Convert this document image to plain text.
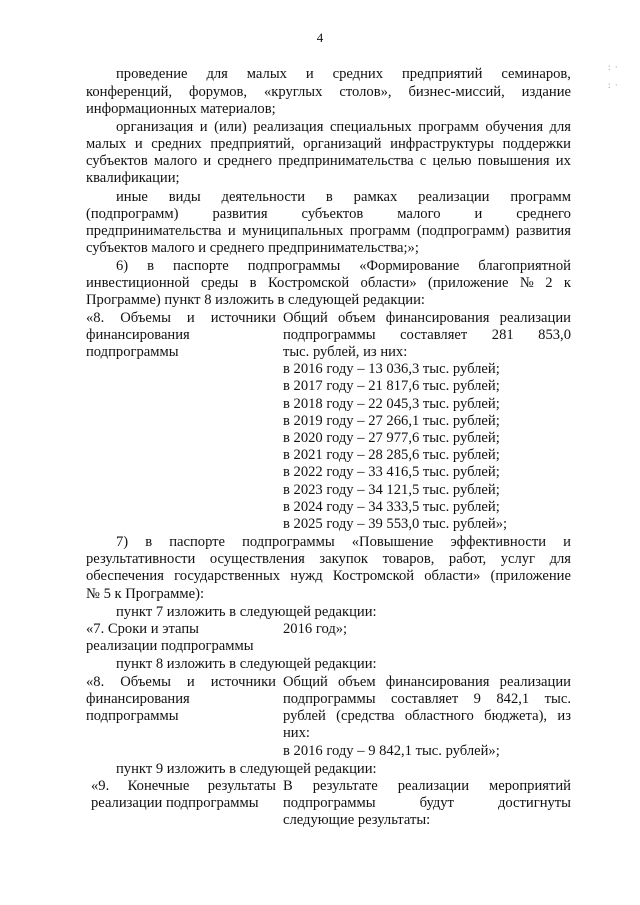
4
: ·
: ·
проведение для малых и средних предприятий семинаров,
конференций, форумов, «круглых столов», бизнес-миссий, издание
информационных материалов;
организация и (или) реализация специальных программ обучения для
малых и средних предприятий, организаций инфраструктуры поддержки
субъектов малого и среднего предпринимательства с целью повышения их
квалификации;
иные виды деятельности в рамках реализации программ
(подпрограмм) развития субъектов малого и среднего
предпринимательства и муниципальных программ (подпрограмм) развития
субъектов малого и среднего предпринимательства;»;
6) в паспорте подпрограммы «Формирование благоприятной
инвестиционной среды в Костромской области» (приложение № 2 к
Программе) пункт 8 изложить в следующей редакции:
«8. Объемы и источники
финансирования
подпрограммы
Общий объем финансирования реализации
подпрограммы составляет 281 853,0
тыс. рублей, из них:
в 2016 году – 13 036,3 тыс. рублей;
в 2017 году – 21 817,6 тыс. рублей;
в 2018 году – 22 045,3 тыс. рублей;
в 2019 году – 27 266,1 тыс. рублей;
в 2020 году – 27 977,6 тыс. рублей;
в 2021 году – 28 285,6 тыс. рублей;
в 2022 году – 33 416,5 тыс. рублей;
в 2023 году – 34 121,5 тыс. рублей;
в 2024 году – 34 333,5 тыс. рублей;
в 2025 году – 39 553,0 тыс. рублей»;
7) в паспорте подпрограммы «Повышение эффективности и
результативности осуществления закупок товаров, работ, услуг для
обеспечения государственных нужд Костромской области» (приложение
№ 5 к Программе):
пункт 7 изложить в следующей редакции:
«7. Сроки и этапы
реализации подпрограммы
2016 год»;
пункт 8 изложить в следующей редакции:
«8. Объемы и источники
финансирования
подпрограммы
Общий объем финансирования реализации
подпрограммы составляет 9 842,1 тыс.
рублей (средства областного бюджета), из
них:
в 2016 году – 9 842,1 тыс. рублей»;
пункт 9 изложить в следующей редакции:
«9. Конечные результаты
реализации подпрограммы
В результате реализации мероприятий
подпрограммы	будут	достигнуты
следующие результаты:
